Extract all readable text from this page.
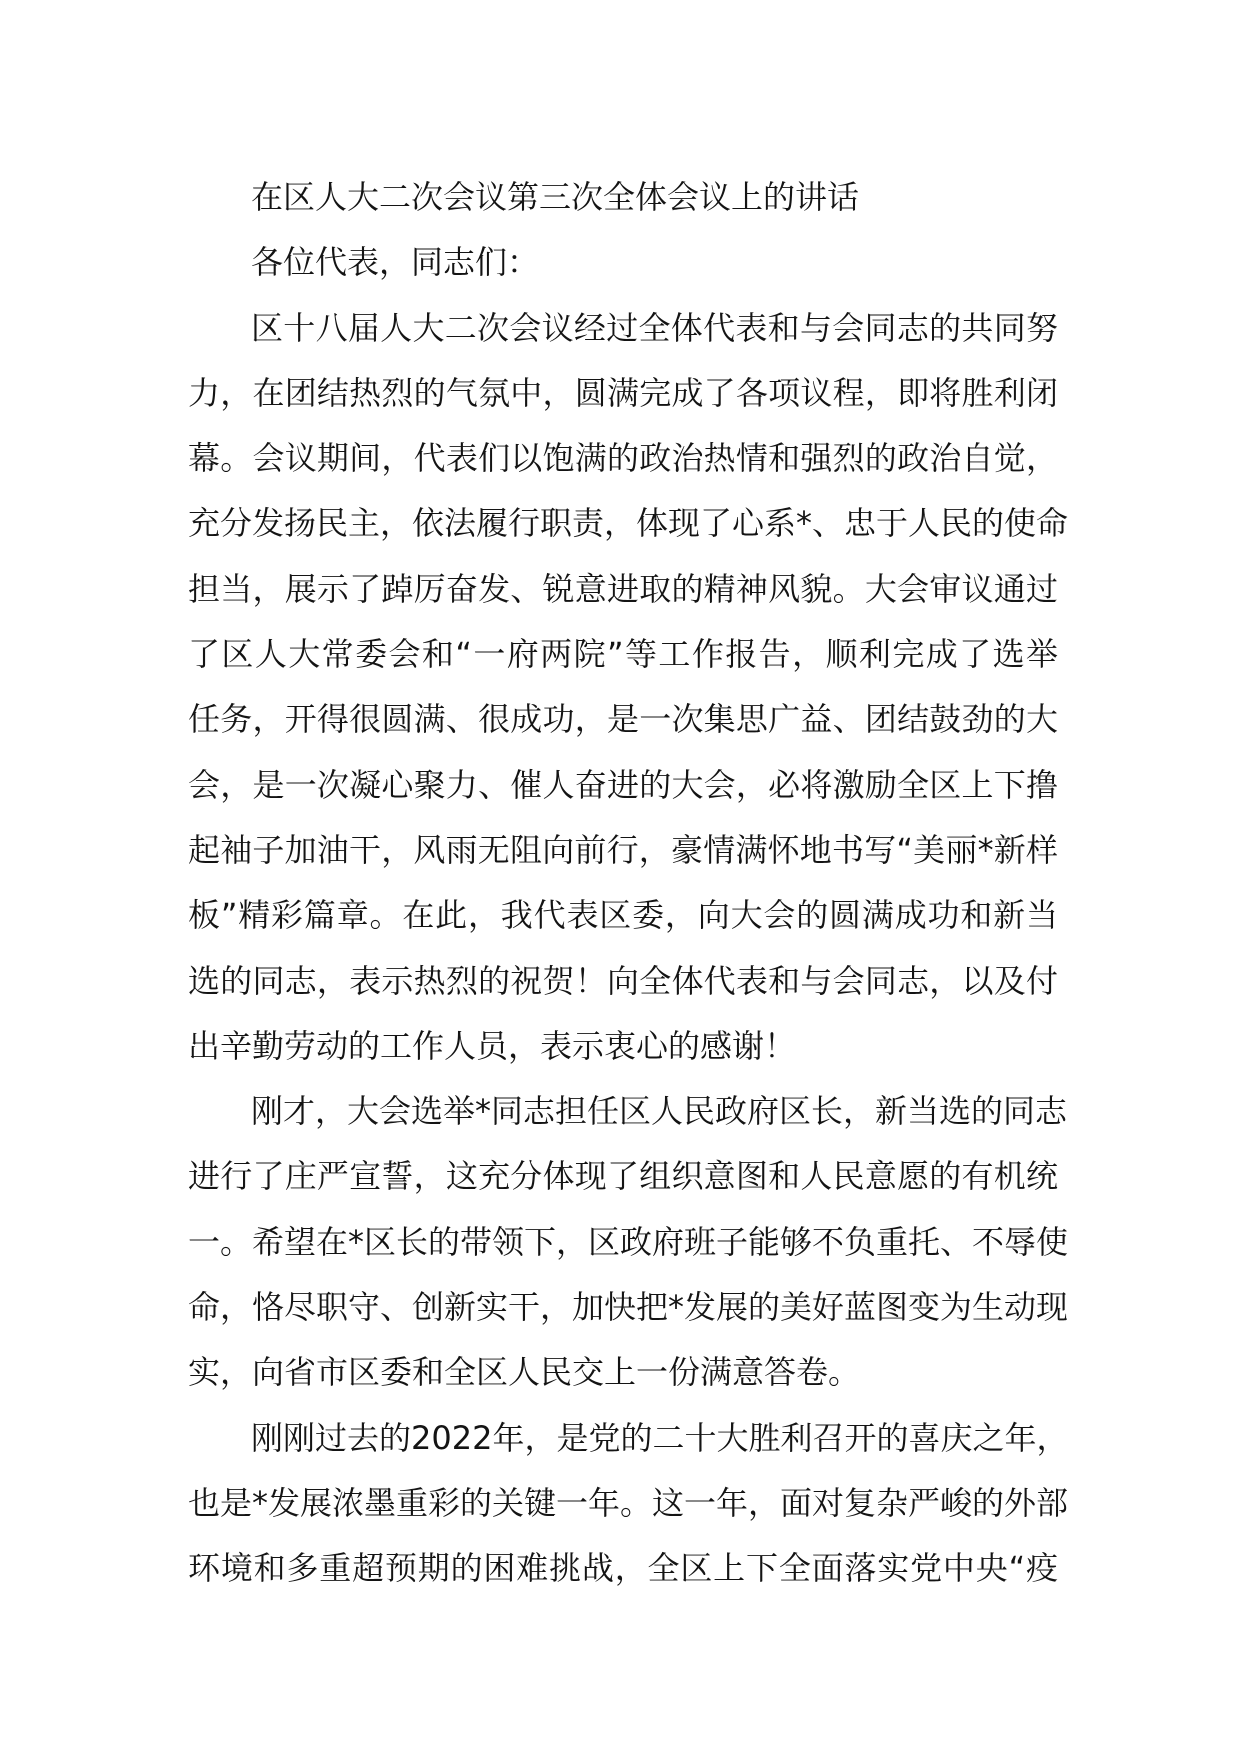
在区人大二次会议第三次全体会议上的讲话
各位代表，同志们：
区十八届人大二次会议经过全体代表和与会同志的共同努
力，在团结热烈的气氛中，圆满完成了各项议程，即将胜利闭
幕。会议期间，代表们以饱满的政治热情和强烈的政治自觉，
充分发扬民主，依法履行职责，体现了心系*、忠于人民的使命
担当，展示了踔厉奋发、锐意进取的精神风貌。大会审议通过
了区人大常委会和“一府两院”等工作报告，顺利完成了选举
任务，开得很圆满、很成功，是一次集思广益、团结鼓劲的大
会，是一次凝心聚力、催人奋进的大会，必将激励全区上下撸
起袖子加油干，风雨无阻向前行，豪情满怀地书写“美丽*新样
板”精彩篇章。在此，我代表区委，向大会的圆满成功和新当
选的同志，表示热烈的祝贺！向全体代表和与会同志，以及付
出辛勤劳动的工作人员，表示衷心的感谢！
刚才，大会选举*同志担任区人民政府区长，新当选的同志
进行了庄严宣誓，这充分体现了组织意图和人民意愿的有机统
一。希望在*区长的带领下，区政府班子能够不负重托、不辱使
命，恪尽职守、创新实干，加快把*发展的美好蓝图变为生动现
实，向省市区委和全区人民交上一份满意答卷。
刚刚过去的2022年，是党的二十大胜利召开的喜庆之年，
也是*发展浓墨重彩的关键一年。这一年，面对复杂严峻的外部
环境和多重超预期的困难挑战，全区上下全面落实党中央“疫
